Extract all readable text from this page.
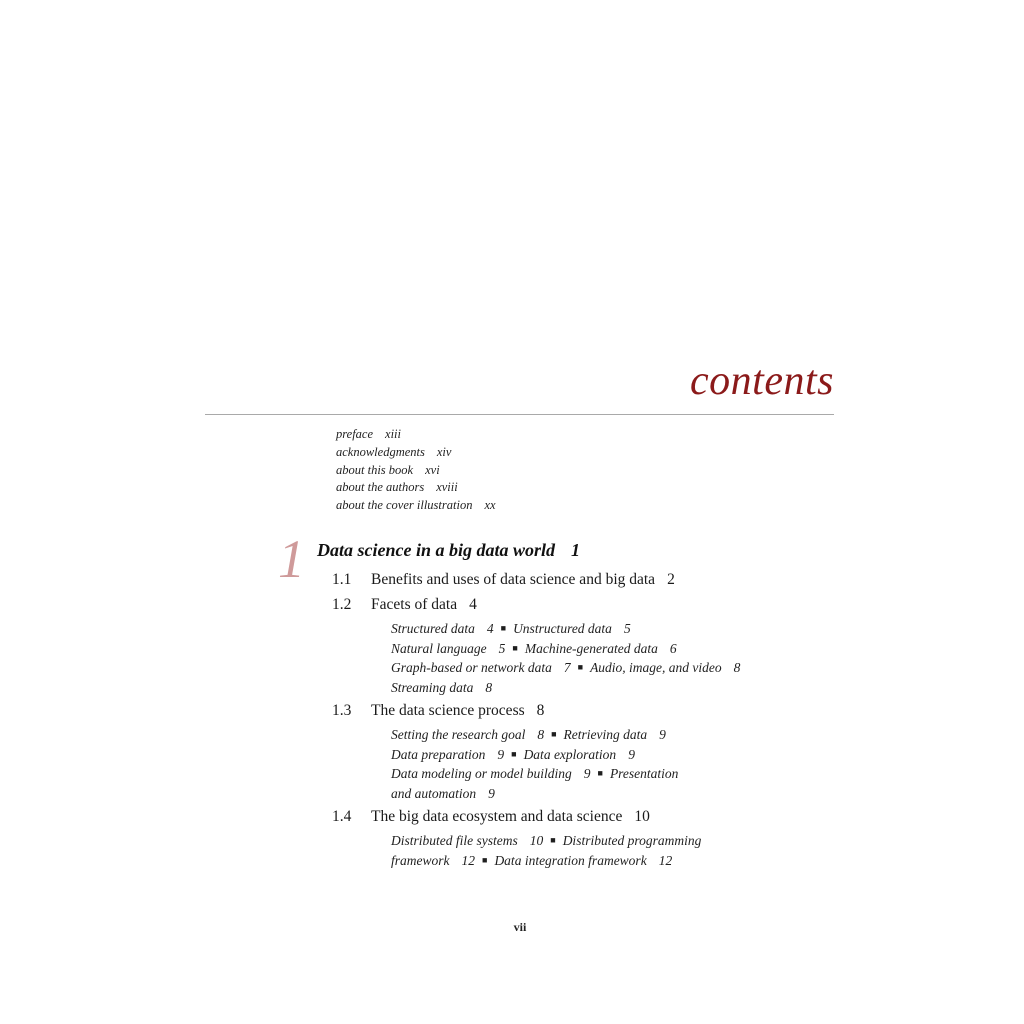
contents
preface xiii
acknowledgments xiv
about this book xvi
about the authors xviii
about the cover illustration xx
1 Data science in a big data world 1
1.1 Benefits and uses of data science and big data 2
1.2 Facets of data 4
Structured data 4 ■ Unstructured data 5
Natural language 5 ■ Machine-generated data 6
Graph-based or network data 7 ■ Audio, image, and video 8
Streaming data 8
1.3 The data science process 8
Setting the research goal 8 ■ Retrieving data 9
Data preparation 9 ■ Data exploration 9
Data modeling or model building 9 ■ Presentation
and automation 9
1.4 The big data ecosystem and data science 10
Distributed file systems 10 ■ Distributed programming
framework 12 ■ Data integration framework 12
vii
